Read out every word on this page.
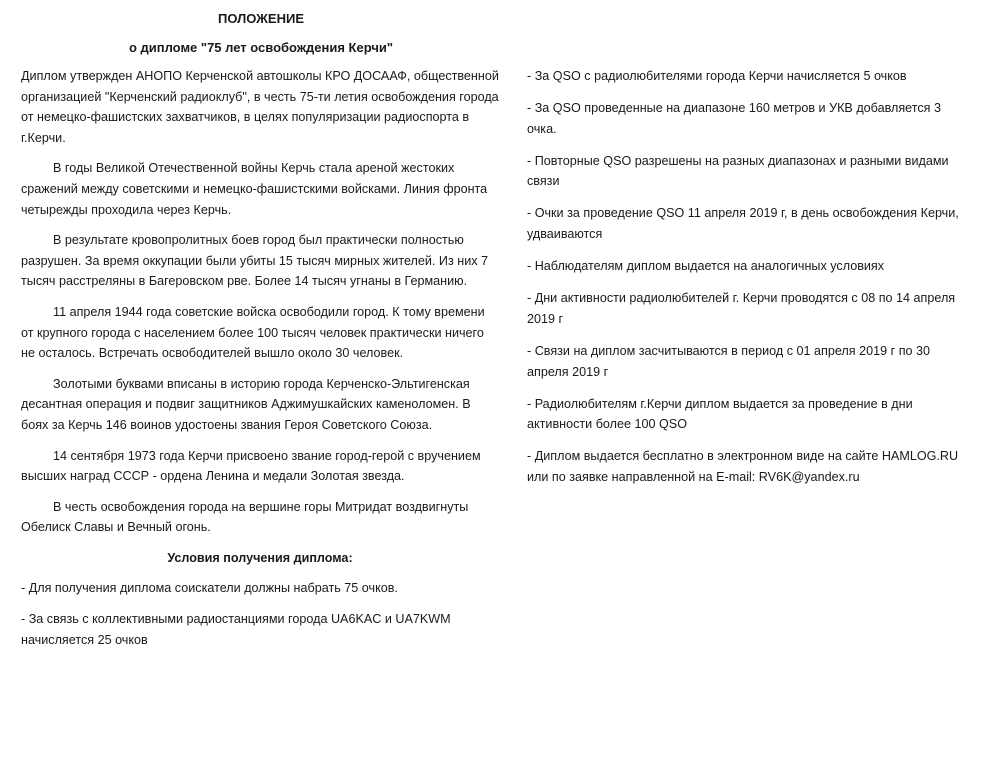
ПОЛОЖЕНИЕ
о дипломе "75 лет освобождения Керчи"

Диплом утвержден АНОПО Керченской автошколы КРО ДОСААФ, общественной организацией "Керченский радиоклуб", в честь 75-ти летия освобождения города от немецко-фашистских захватчиков, в целях популяризации радиоспорта в г.Керчи.

В годы Великой Отечественной войны Керчь стала ареной жестоких сражений между советскими и немецко-фашистскими войсками. Линия фронта четырежды проходила через Керчь.

В результате кровопролитных боев город был практически полностью разрушен. За время оккупации были убиты 15 тысяч мирных жителей. Из них 7 тысяч расстреляны в Багеровском рве. Более 14 тысяч угнаны в Германию.

11 апреля 1944 года советские войска освободили город. К тому времени от крупного города с населением более 100 тысяч человек практически ничего не осталось. Встречать освободителей вышло около 30 человек.

Золотыми буквами вписаны в историю города Керченско-Эльтигенская десантная операция и подвиг защитников Аджимушкайских каменоломен. В боях за Керчь 146 воинов удостоены звания Героя Советского Союза.

14 сентября 1973 года Керчи присвоено звание город-герой с вручением высших наград СССР - ордена Ленина и медали Золотая звезда.

В честь освобождения города на вершине горы Митридат воздвигнуты Обелиск Славы и Вечный огонь.

Условия получения диплома:

- Для получения диплома соискатели должны набрать 75 очков.

- За связь с коллективными радиостанциями города UA6KAC и UA7KWM начисляется 25 очков

- За QSO с радиолюбителями города Керчи начисляется 5 очков

- За QSO проведенные на диапазоне 160 метров и УКВ добавляется 3 очка.

- Повторные QSO разрешены на разных диапазонах и разными видами связи

- Очки за проведение QSO 11 апреля 2019 г, в день освобождения Керчи, удваиваются

- Наблюдателям диплом выдается на аналогичных условиях

- Дни активности радиолюбителей г. Керчи проводятся с 08 по 14 апреля 2019 г

- Связи на диплом засчитываются в период с 01 апреля 2019 г по 30 апреля 2019 г

- Радиолюбителям г.Керчи диплом выдается за проведение в дни активности более 100 QSO

- Диплом выдается бесплатно в электронном виде на сайте HAMLOG.RU или по заявке направленной на E-mail: RV6K@yandex.ru
